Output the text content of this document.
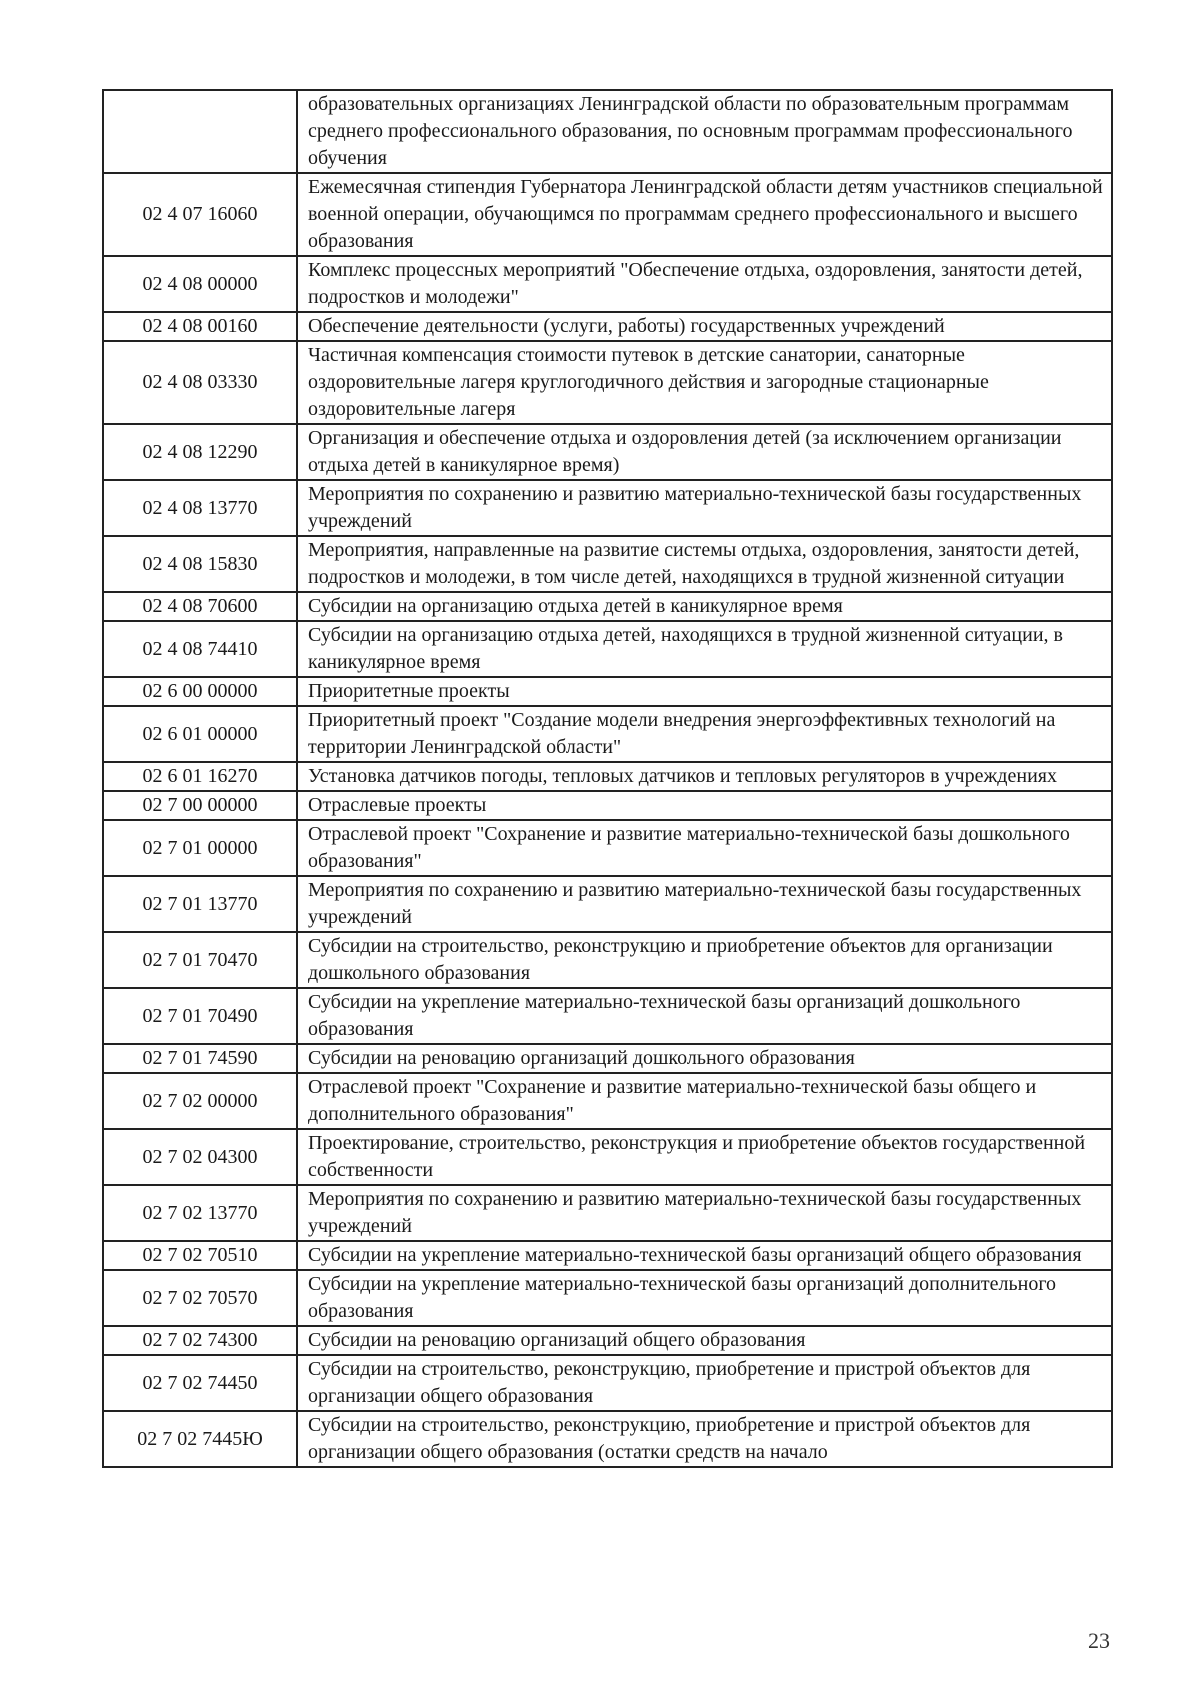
	образовательных организациях Ленинградской области по образовательным программам среднего профессионального образования, по основным программам профессионального обучения
02 4 07 16060	Ежемесячная стипендия Губернатора Ленинградской области детям участников специальной военной операции, обучающимся по программам среднего профессионального и высшего образования
02 4 08 00000	Комплекс процессных мероприятий "Обеспечение отдыха, оздоровления, занятости детей, подростков и молодежи"
02 4 08 00160	Обеспечение деятельности (услуги, работы) государственных учреждений
02 4 08 03330	Частичная компенсация стоимости путевок в детские санатории, санаторные оздоровительные лагеря круглогодичного действия и загородные стационарные оздоровительные лагеря
02 4 08 12290	Организация и обеспечение отдыха и оздоровления детей (за исключением организации отдыха детей в каникулярное время)
02 4 08 13770	Мероприятия по сохранению и развитию материально-технической базы государственных учреждений
02 4 08 15830	Мероприятия, направленные на развитие системы отдыха, оздоровления, занятости детей, подростков и молодежи, в том числе детей, находящихся в трудной жизненной ситуации
02 4 08 70600	Субсидии на организацию отдыха детей в каникулярное время
02 4 08 74410	Субсидии на организацию отдыха детей, находящихся в трудной жизненной ситуации, в каникулярное время
02 6 00 00000	Приоритетные проекты
02 6 01 00000	Приоритетный проект "Создание модели внедрения энергоэффективных технологий на территории Ленинградской области"
02 6 01 16270	Установка датчиков погоды, тепловых датчиков и тепловых регуляторов в учреждениях
02 7 00 00000	Отраслевые проекты
02 7 01 00000	Отраслевой проект "Сохранение и развитие материально-технической базы дошкольного образования"
02 7 01 13770	Мероприятия по сохранению и развитию материально-технической базы государственных учреждений
02 7 01 70470	Субсидии на строительство, реконструкцию и приобретение объектов для организации дошкольного образования
02 7 01 70490	Субсидии на укрепление материально-технической базы организаций дошкольного образования
02 7 01 74590	Субсидии на реновацию организаций дошкольного образования
02 7 02 00000	Отраслевой проект "Сохранение и развитие материально-технической базы общего и дополнительного образования"
02 7 02 04300	Проектирование, строительство, реконструкция и приобретение объектов государственной собственности
02 7 02 13770	Мероприятия по сохранению и развитию материально-технической базы государственных учреждений
02 7 02 70510	Субсидии на укрепление материально-технической базы организаций общего образования
02 7 02 70570	Субсидии на укрепление материально-технической базы организаций дополнительного образования
02 7 02 74300	Субсидии на реновацию организаций общего образования
02 7 02 74450	Субсидии на строительство, реконструкцию, приобретение и пристрой объектов для организации общего образования
02 7 02 7445Ю	Субсидии на строительство, реконструкцию, приобретение и пристрой объектов для организации общего образования (остатки средств на начало
23
